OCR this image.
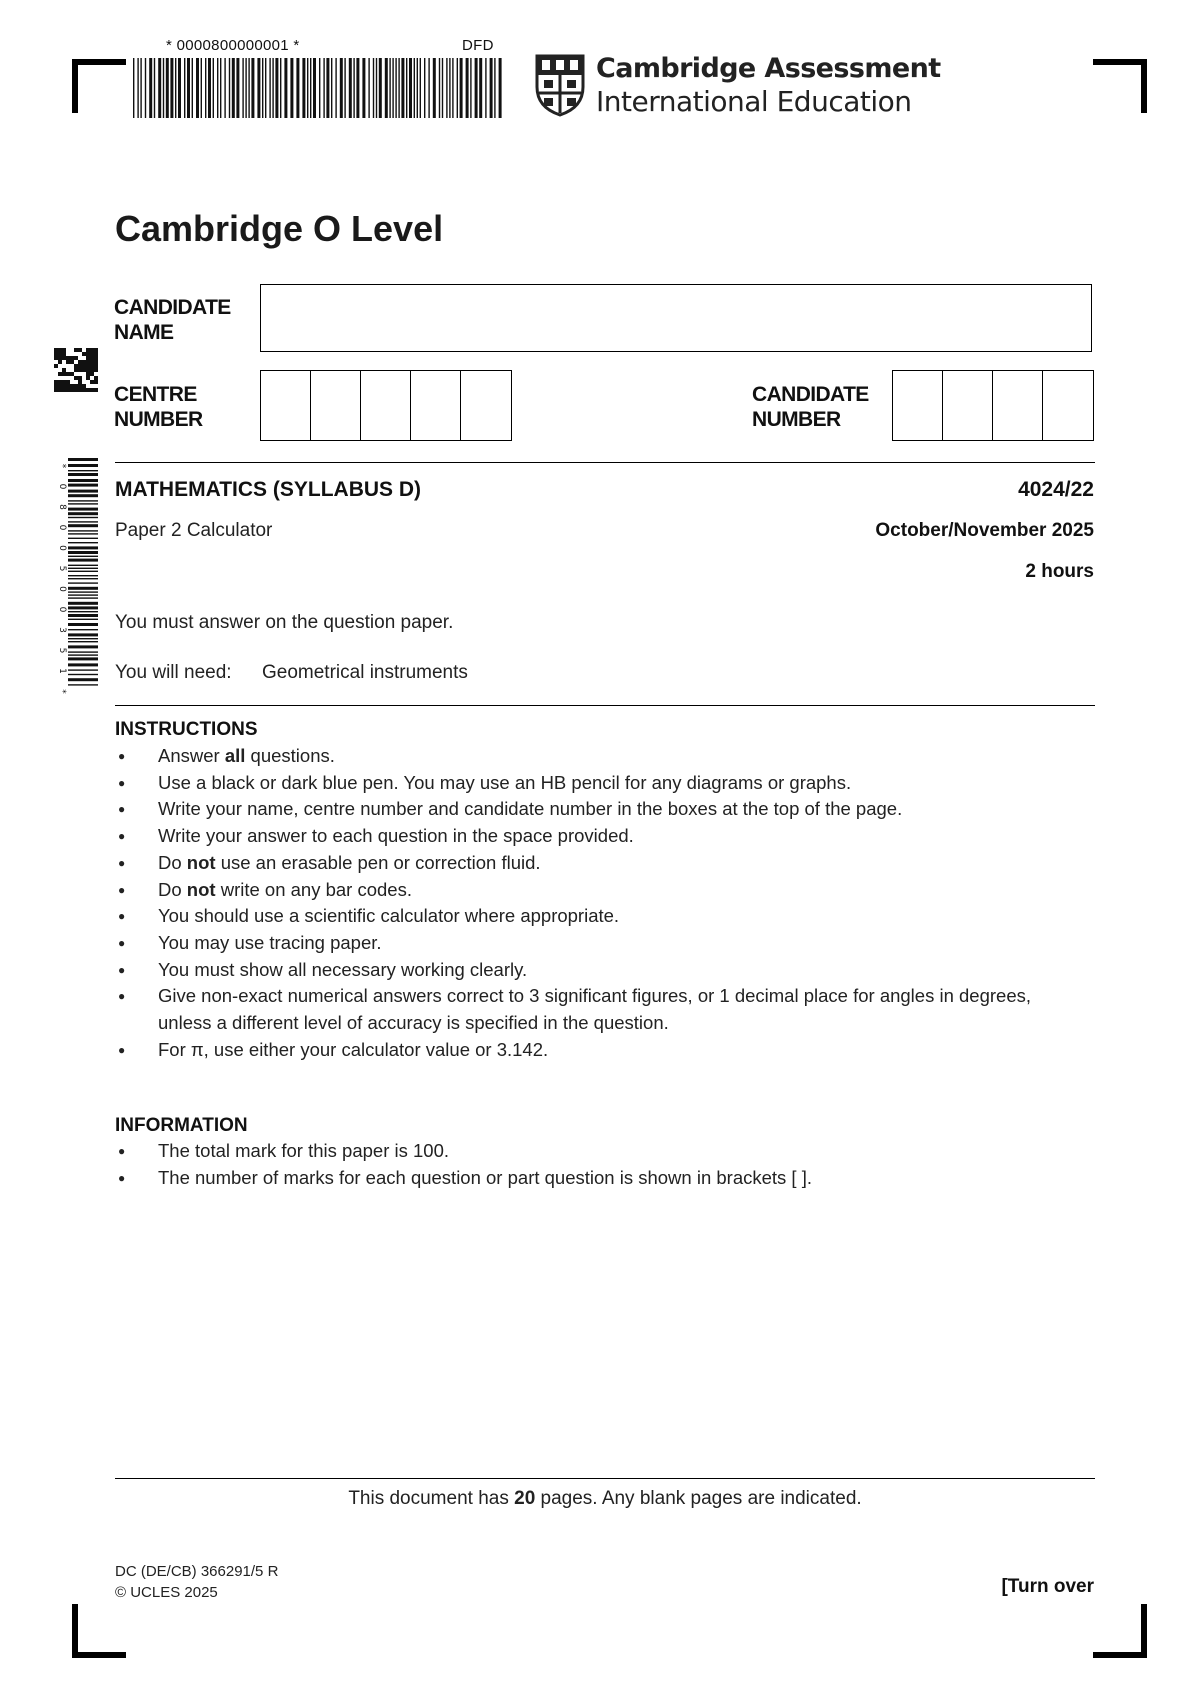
* 0000800000001 *	DFD
Cambridge Assessment
International Education
*
0
8
0
0
5
0
0
3
5
1
*
Cambridge O Level
CANDIDATE
NAME
CENTRE
NUMBER
CANDIDATE
NUMBER
MATHEMATICS (SYLLABUS D)	4024/22
Paper 2 Calculator	October/November 2025
2 hours
You must answer on the question paper.
You will need: Geometrical instruments
INSTRUCTIONS
● Answer all questions.
● Use a black or dark blue pen. You may use an HB pencil for any diagrams or graphs.
● Write your name, centre number and candidate number in the boxes at the top of the page.
● Write your answer to each question in the space provided.
● Do not use an erasable pen or correction fluid.
● Do not write on any bar codes.
● You should use a scientific calculator where appropriate.
● You may use tracing paper.
● You must show all necessary working clearly.
● Give non-exact numerical answers correct to 3 significant figures, or 1 decimal place for angles in degrees, unless a different level of accuracy is specified in the question.
● For π, use either your calculator value or 3.142.
INFORMATION
● The total mark for this paper is 100.
● The number of marks for each question or part question is shown in brackets [ ].
This document has 20 pages. Any blank pages are indicated.
DC (DE/CB) 366291/5 R
© UCLES 2025	[Turn over
